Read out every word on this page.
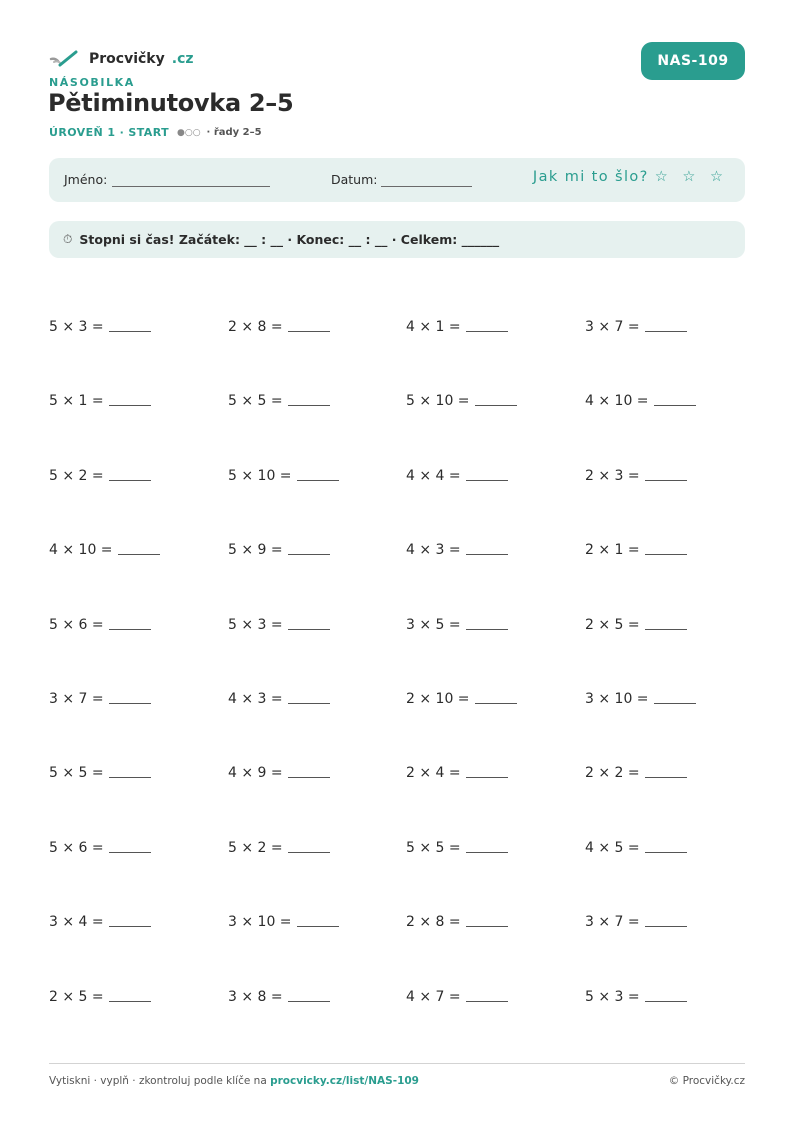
Procvičky .cz	NAS-109
NÁSOBILKA
Pětiminutovka 2–5
ÚROVEŇ 1 · START ●○○ · řady 2–5
Jméno:	Datum:	Jak mi to šlo? ☆ ☆ ☆
⏱ Stopni si čas! Začátek: __ : __ · Konec: __ : __ · Celkem: ______
5 × 3 =	2 × 8 =	4 × 1 =	3 × 7 =
5 × 1 =	5 × 5 =	5 × 10 =	4 × 10 =
5 × 2 =	5 × 10 =	4 × 4 =	2 × 3 =
4 × 10 =	5 × 9 =	4 × 3 =	2 × 1 =
5 × 6 =	5 × 3 =	3 × 5 =	2 × 5 =
3 × 7 =	4 × 3 =	2 × 10 =	3 × 10 =
5 × 5 =	4 × 9 =	2 × 4 =	2 × 2 =
5 × 6 =	5 × 2 =	5 × 5 =	4 × 5 =
3 × 4 =	3 × 10 =	2 × 8 =	3 × 7 =
2 × 5 =	3 × 8 =	4 × 7 =	5 × 3 =
Vytiskni · vyplň · zkontroluj podle klíče na procvicky.cz/list/NAS-109	© Procvičky.cz
